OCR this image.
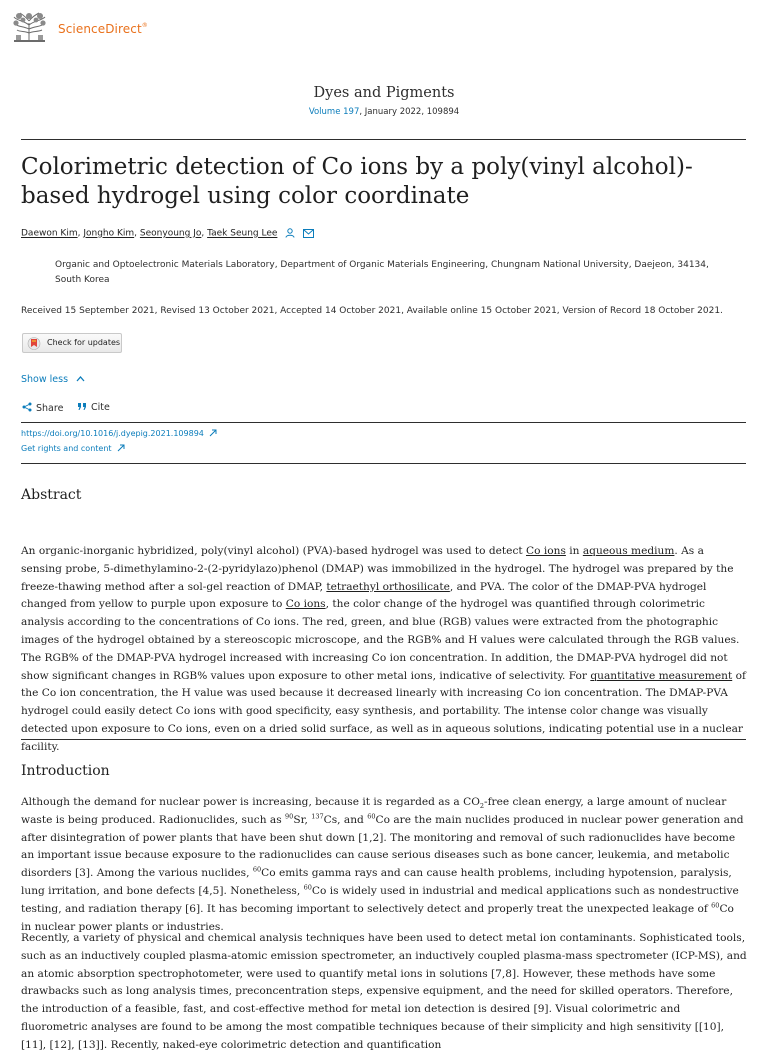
ScienceDirect®
Dyes and Pigments
Volume 197, January 2022, 109894
Colorimetric detection of Co ions by a poly(vinyl alcohol)-based hydrogel using color coordinate
Daewon Kim, Jongho Kim, Seonyoung Jo, Taek Seung Lee
Organic and Optoelectronic Materials Laboratory, Department of Organic Materials Engineering, Chungnam National University, Daejeon, 34134, South Korea
Received 15 September 2021, Revised 13 October 2021, Accepted 14 October 2021, Available online 15 October 2021, Version of Record 18 October 2021.
Check for updates
Show less
Share	Cite
https://doi.org/10.1016/j.dyepig.2021.109894
Get rights and content
Abstract
An organic-inorganic hybridized, poly(vinyl alcohol) (PVA)-based hydrogel was used to detect Co ions in aqueous medium. As a sensing probe, 5-dimethylamino-2-(2-pyridylazo)phenol (DMAP) was immobilized in the hydrogel. The hydrogel was prepared by the freeze-thawing method after a sol-gel reaction of DMAP, tetraethyl orthosilicate, and PVA. The color of the DMAP-PVA hydrogel changed from yellow to purple upon exposure to Co ions, the color change of the hydrogel was quantified through colorimetric analysis according to the concentrations of Co ions. The red, green, and blue (RGB) values were extracted from the photographic images of the hydrogel obtained by a stereoscopic microscope, and the RGB% and H values were calculated through the RGB values. The RGB% of the DMAP-PVA hydrogel increased with increasing Co ion concentration. In addition, the DMAP-PVA hydrogel did not show significant changes in RGB% values upon exposure to other metal ions, indicative of selectivity. For quantitative measurement of the Co ion concentration, the H value was used because it decreased linearly with increasing Co ion concentration. The DMAP-PVA hydrogel could easily detect Co ions with good specificity, easy synthesis, and portability. The intense color change was visually detected upon exposure to Co ions, even on a dried solid surface, as well as in aqueous solutions, indicating potential use in a nuclear facility.
Introduction
Although the demand for nuclear power is increasing, because it is regarded as a $CO_2$-free clean energy, a large amount of nuclear waste is being produced. Radionuclides, such as $^{90}$Sr, $^{137}$Cs, and $^{60}$Co are the main nuclides produced in nuclear power generation and after disintegration of power plants that have been shut down [1,2]. The monitoring and removal of such radionuclides have become an important issue because exposure to the radionuclides can cause serious diseases such as bone cancer, leukemia, and metabolic disorders [3]. Among the various nuclides, $^{60}$Co emits gamma rays and can cause health problems, including hypotension, paralysis, lung irritation, and bone defects [4,5]. Nonetheless, $^{60}$Co is widely used in industrial and medical applications such as nondestructive testing, and radiation therapy [6]. It has becoming important to selectively detect and properly treat the unexpected leakage of $^{60}$Co in nuclear power plants or industries.
Recently, a variety of physical and chemical analysis techniques have been used to detect metal ion contaminants. Sophisticated tools, such as an inductively coupled plasma-atomic emission spectrometer, an inductively coupled plasma-mass spectrometer (ICP-MS), and an atomic absorption spectrophotometer, were used to quantify metal ions in solutions [7,8]. However, these methods have some drawbacks such as long analysis times, preconcentration steps, expensive equipment, and the need for skilled operators. Therefore, the introduction of a feasible, fast, and cost-effective method for metal ion detection is desired [9]. Visual colorimetric and fluorometric analyses are found to be among the most compatible techniques because of their simplicity and high sensitivity [[10], [11], [12], [13]]. Recently, naked-eye colorimetric detection and quantification
